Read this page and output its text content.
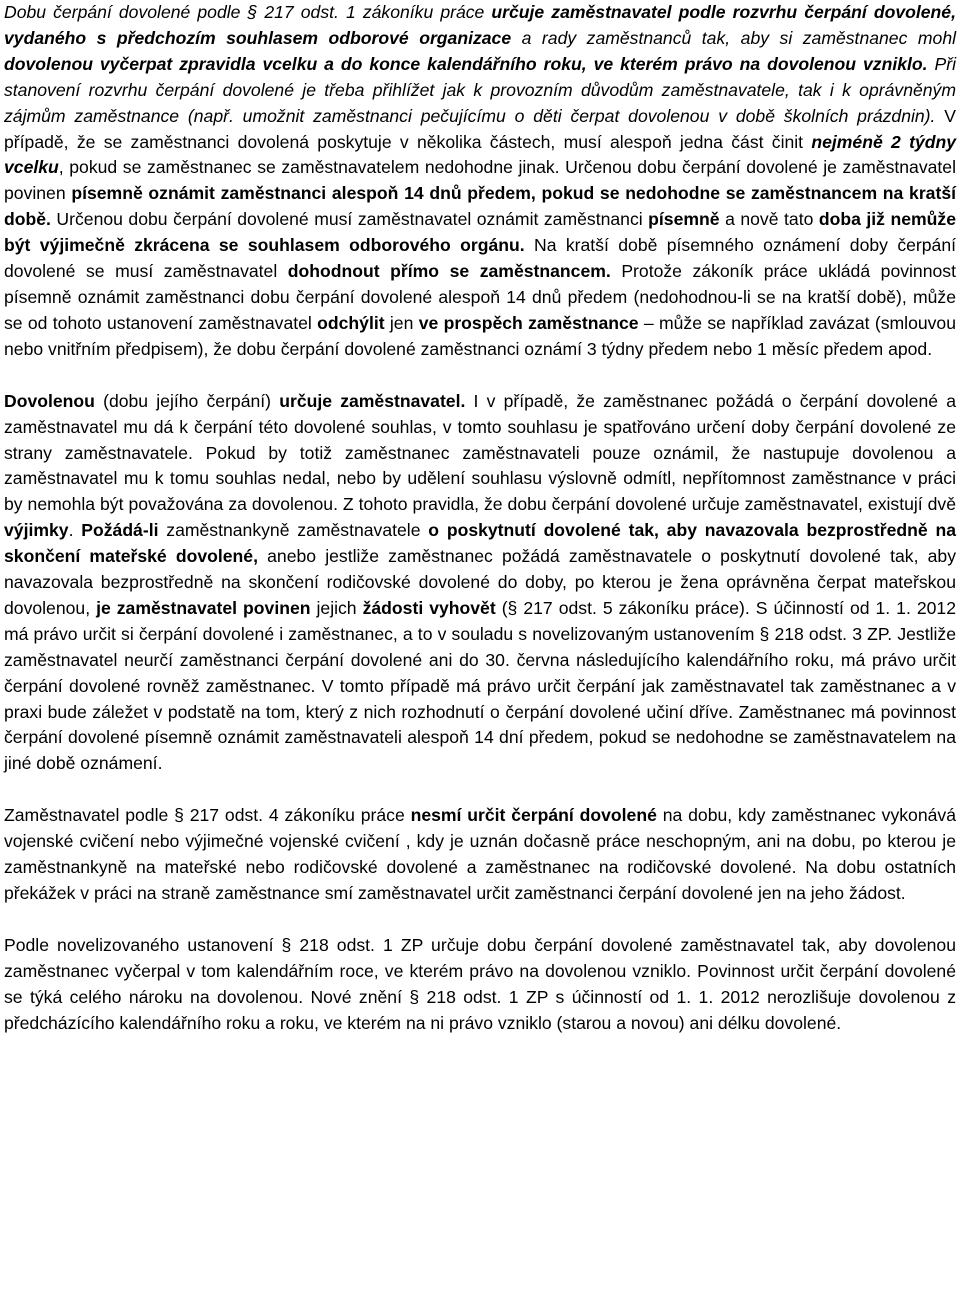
Dobu čerpání dovolené podle § 217 odst. 1 zákoníku práce určuje zaměstnavatel podle rozvrhu čerpání dovolené, vydaného s předchozím souhlasem odborové organizace a rady zaměstnanců tak, aby si zaměstnanec mohl dovolenou vyčerpat zpravidla vcelku a do konce kalendářního roku, ve kterém právo na dovolenou vzniklo. Při stanovení rozvrhu čerpání dovolené je třeba přihlížet jak k provozním důvodům zaměstnavatele, tak i k oprávněným zájmům zaměstnance (např. umožnit zaměstnanci pečujícímu o děti čerpat dovolenou v době školních prázdnin). V případě, že se zaměstnanci dovolená poskytuje v několika částech, musí alespoň jedna část činit nejméně 2 týdny vcelku, pokud se zaměstnanec se zaměstnavatelem nedohodne jinak. Určenou dobu čerpání dovolené je zaměstnavatel povinen písemně oznámit zaměstnanci alespoň 14 dnů předem, pokud se nedohodne se zaměstnancem na kratší době. Určenou dobu čerpání dovolené musí zaměstnavatel oznámit zaměstnanci písemně a nově tato doba již nemůže být výjimečně zkrácena se souhlasem odborového orgánu. Na kratší době písemného oznámení doby čerpání dovolené se musí zaměstnavatel dohodnout přímo se zaměstnancem. Protože zákoník práce ukládá povinnost písemně oznámit zaměstnanci dobu čerpání dovolené alespoň 14 dnů předem (nedohodnou-li se na kratší době), může se od tohoto ustanovení zaměstnavatel odchýlit jen ve prospěch zaměstnance – může se například zavázat (smlouvou nebo vnitřním předpisem), že dobu čerpání dovolené zaměstnanci oznámí 3 týdny předem nebo 1 měsíc předem apod.

Dovolenou (dobu jejího čerpání) určuje zaměstnavatel. I v případě, že zaměstnanec požádá o čerpání dovolené a zaměstnavatel mu dá k čerpání této dovolené souhlas, v tomto souhlasu je spatřováno určení doby čerpání dovolené ze strany zaměstnavatele. Pokud by totiž zaměstnanec zaměstnavateli pouze oznámil, že nastupuje dovolenou a zaměstnavatel mu k tomu souhlas nedal, nebo by udělení souhlasu výslovně odmítl, nepřítomnost zaměstnance v práci by nemohla být považována za dovolenou. Z tohoto pravidla, že dobu čerpání dovolené určuje zaměstnavatel, existují dvě výjimky. Požádá-li zaměstnankyně zaměstnavatele o poskytnutí dovolené tak, aby navazovala bezprostředně na skončení mateřské dovolené, anebo jestliže zaměstnanec požádá zaměstnavatele o poskytnutí dovolené tak, aby navazovala bezprostředně na skončení rodičovské dovolené do doby, po kterou je žena oprávněna čerpat mateřskou dovolenou, je zaměstnavatel povinen jejich žádosti vyhovět (§ 217 odst. 5 zákoníku práce). S účinností od 1. 1. 2012 má právo určit si čerpání dovolené i zaměstnanec, a to v souladu s novelizovaným ustanovením § 218 odst. 3 ZP. Jestliže zaměstnavatel neurčí zaměstnanci čerpání dovolené ani do 30. června následujícího kalendářního roku, má právo určit čerpání dovolené rovněž zaměstnanec. V tomto případě má právo určit čerpání jak zaměstnavatel tak zaměstnanec a v praxi bude záležet v podstatě na tom, který z nich rozhodnutí o čerpání dovolené učiní dříve. Zaměstnanec má povinnost čerpání dovolené písemně oznámit zaměstnavateli alespoň 14 dní předem, pokud se nedohodne se zaměstnavatelem na jiné době oznámení.

Zaměstnavatel podle § 217 odst. 4 zákoníku práce nesmí určit čerpání dovolené na dobu, kdy zaměstnanec vykonává vojenské cvičení nebo výjimečné vojenské cvičení , kdy je uznán dočasně práce neschopným, ani na dobu, po kterou je zaměstnankyně na mateřské nebo rodičovské dovolené a zaměstnanec na rodičovské dovolené. Na dobu ostatních překážek v práci na straně zaměstnance smí zaměstnavatel určit zaměstnanci čerpání dovolené jen na jeho žádost.

Podle novelizovaného ustanovení § 218 odst. 1 ZP určuje dobu čerpání dovolené zaměstnavatel tak, aby dovolenou zaměstnanec vyčerpal v tom kalendářním roce, ve kterém právo na dovolenou vzniklo. Povinnost určit čerpání dovolené se týká celého nároku na dovolenou. Nové znění § 218 odst. 1 ZP s účinností od 1. 1. 2012 nerozlišuje dovolenou z předcházícího kalendářního roku a roku, ve kterém na ni právo vzniklo (starou a novou) ani délku dovolené.
